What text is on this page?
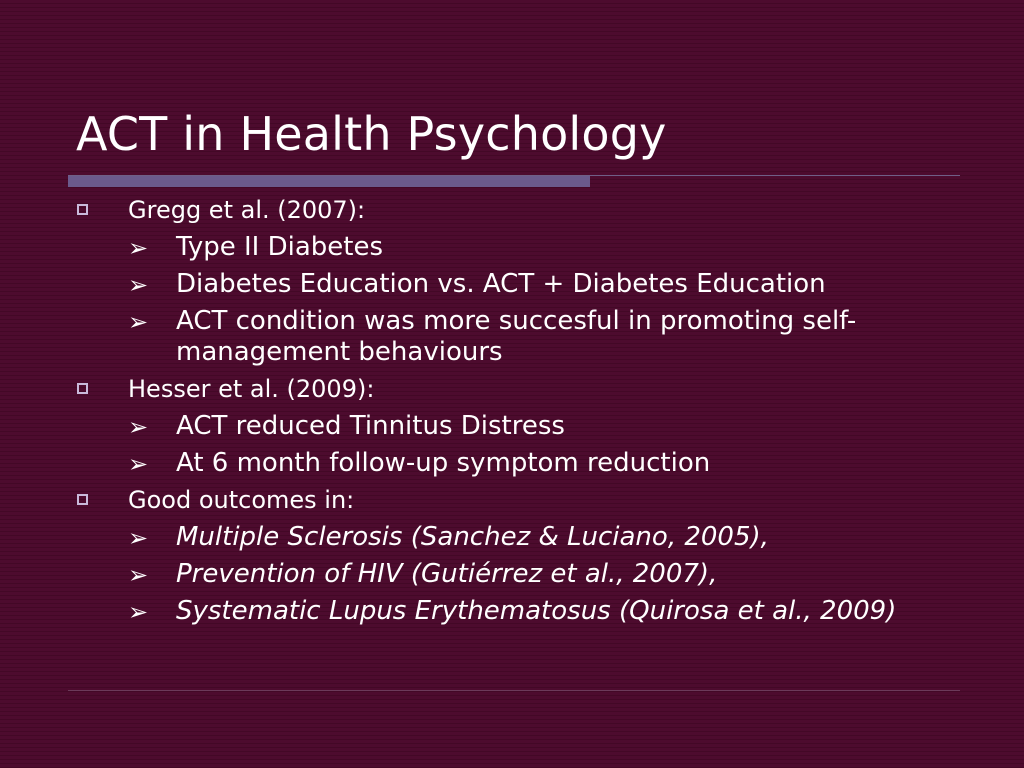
ACT in Health Psychology
Gregg et al. (2007):
➢ Type II Diabetes
➢ Diabetes Education vs. ACT + Diabetes Education
➢ ACT condition was more succesful in promoting self-management behaviours
Hesser et al. (2009):
➢ ACT reduced Tinnitus Distress
➢ At 6 month follow-up symptom reduction
Good outcomes in:
➢ Multiple Sclerosis (Sanchez & Luciano, 2005),
➢ Prevention of HIV (Gutiérrez et al., 2007),
➢ Systematic Lupus Erythematosus (Quirosa et al., 2009)
